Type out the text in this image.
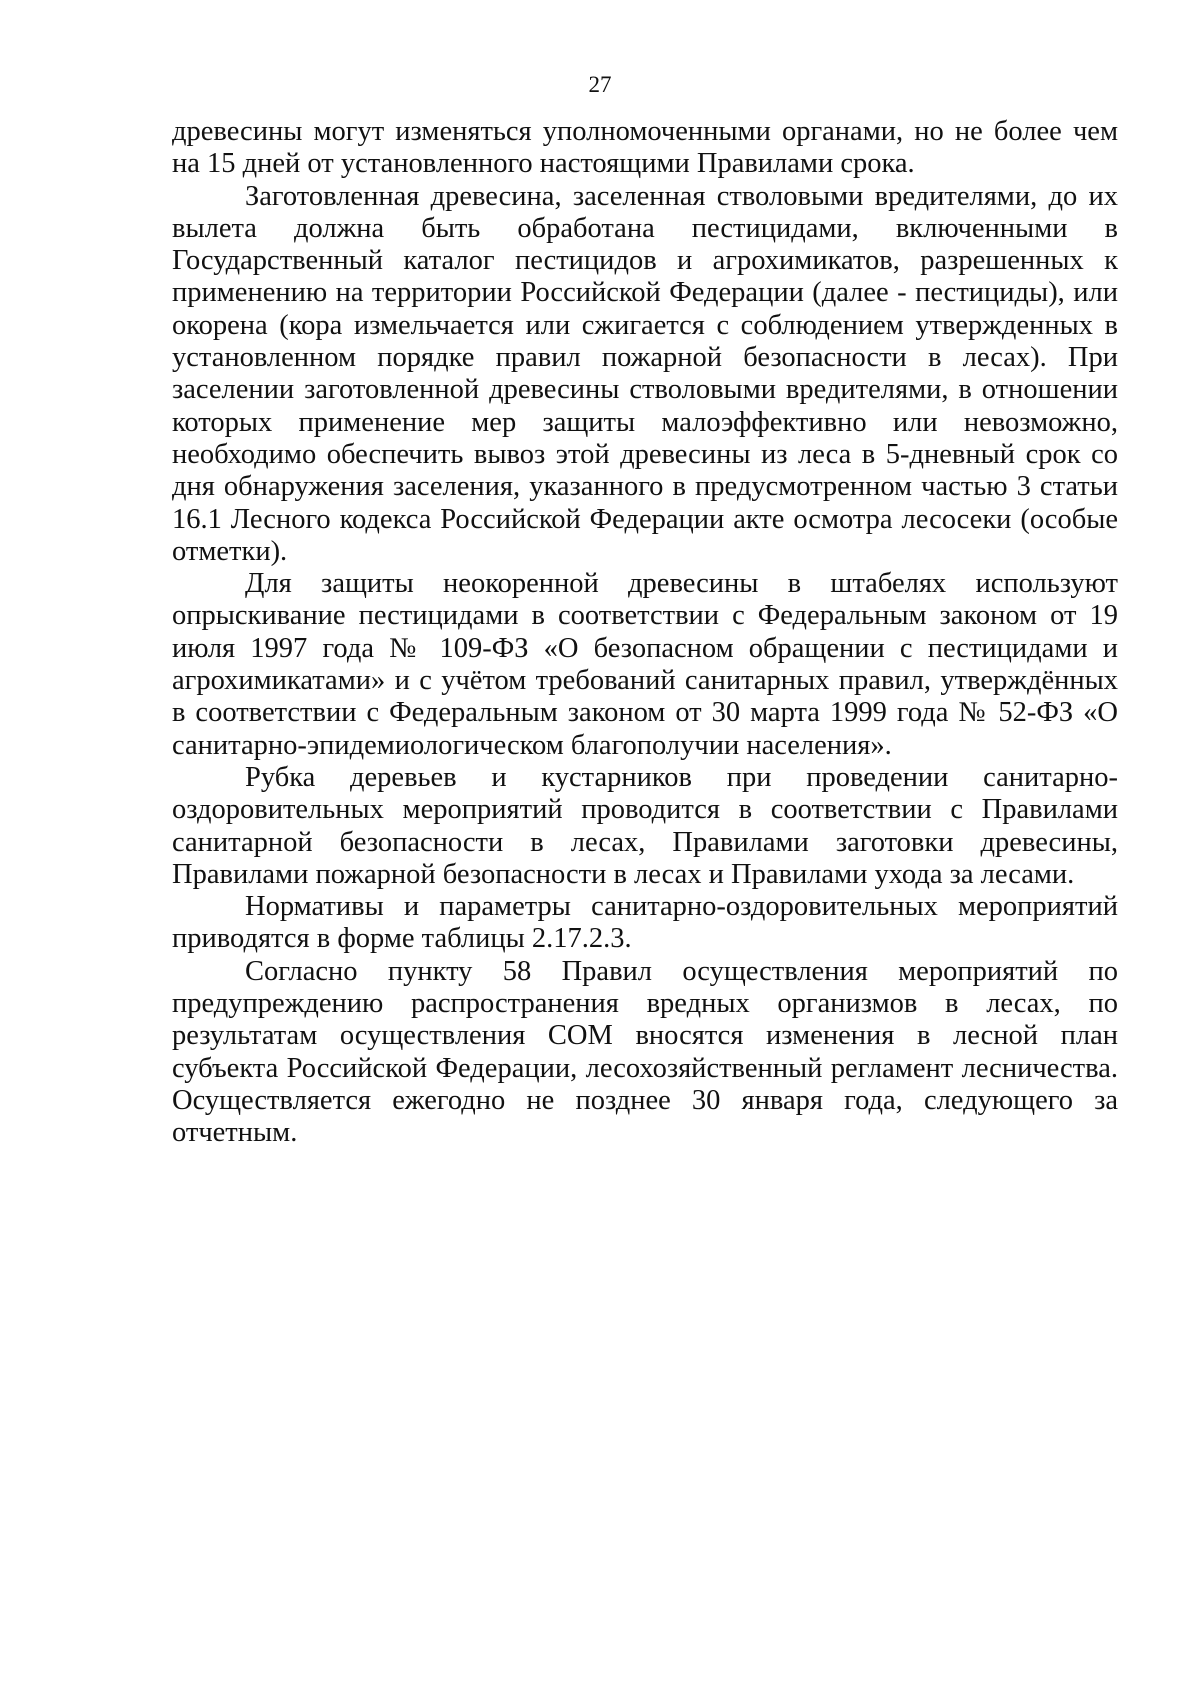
27

древесины могут изменяться уполномоченными органами, но не более чем на 15 дней от установленного настоящими Правилами срока.

Заготовленная древесина, заселенная стволовыми вредителями, до их вылета должна быть обработана пестицидами, включенными в Государственный каталог пестицидов и агрохимикатов, разрешенных к применению на территории Российской Федерации (далее - пестициды), или окорена (кора измельчается или сжигается с соблюдением утвержденных в установленном порядке правил пожарной безопасности в лесах). При заселении заготовленной древесины стволовыми вредителями, в отношении которых применение мер защиты малоэффективно или невозможно, необходимо обеспечить вывоз этой древесины из леса в 5-дневный срок со дня обнаружения заселения, указанного в предусмотренном частью 3 статьи 16.1 Лесного кодекса Российской Федерации акте осмотра лесосеки (особые отметки).

Для защиты неокоренной древесины в штабелях используют опрыскивание пестицидами в соответствии с Федеральным законом от 19 июля 1997 года № 109-ФЗ «О безопасном обращении с пестицидами и агрохимикатами» и с учётом требований санитарных правил, утверждённых в соответствии с Федеральным законом от 30 марта 1999 года № 52-ФЗ «О санитарно-эпидемиологическом благополучии населения».

Рубка деревьев и кустарников при проведении санитарно-оздоровительных мероприятий проводится в соответствии с Правилами санитарной безопасности в лесах, Правилами заготовки древесины, Правилами пожарной безопасности в лесах и Правилами ухода за лесами.

Нормативы и параметры санитарно-оздоровительных мероприятий приводятся в форме таблицы 2.17.2.3.

Согласно пункту 58 Правил осуществления мероприятий по предупреждению распространения вредных организмов в лесах, по результатам осуществления СОМ вносятся изменения в лесной план субъекта Российской Федерации, лесохозяйственный регламент лесничества. Осуществляется ежегодно не позднее 30 января года, следующего за отчетным.
